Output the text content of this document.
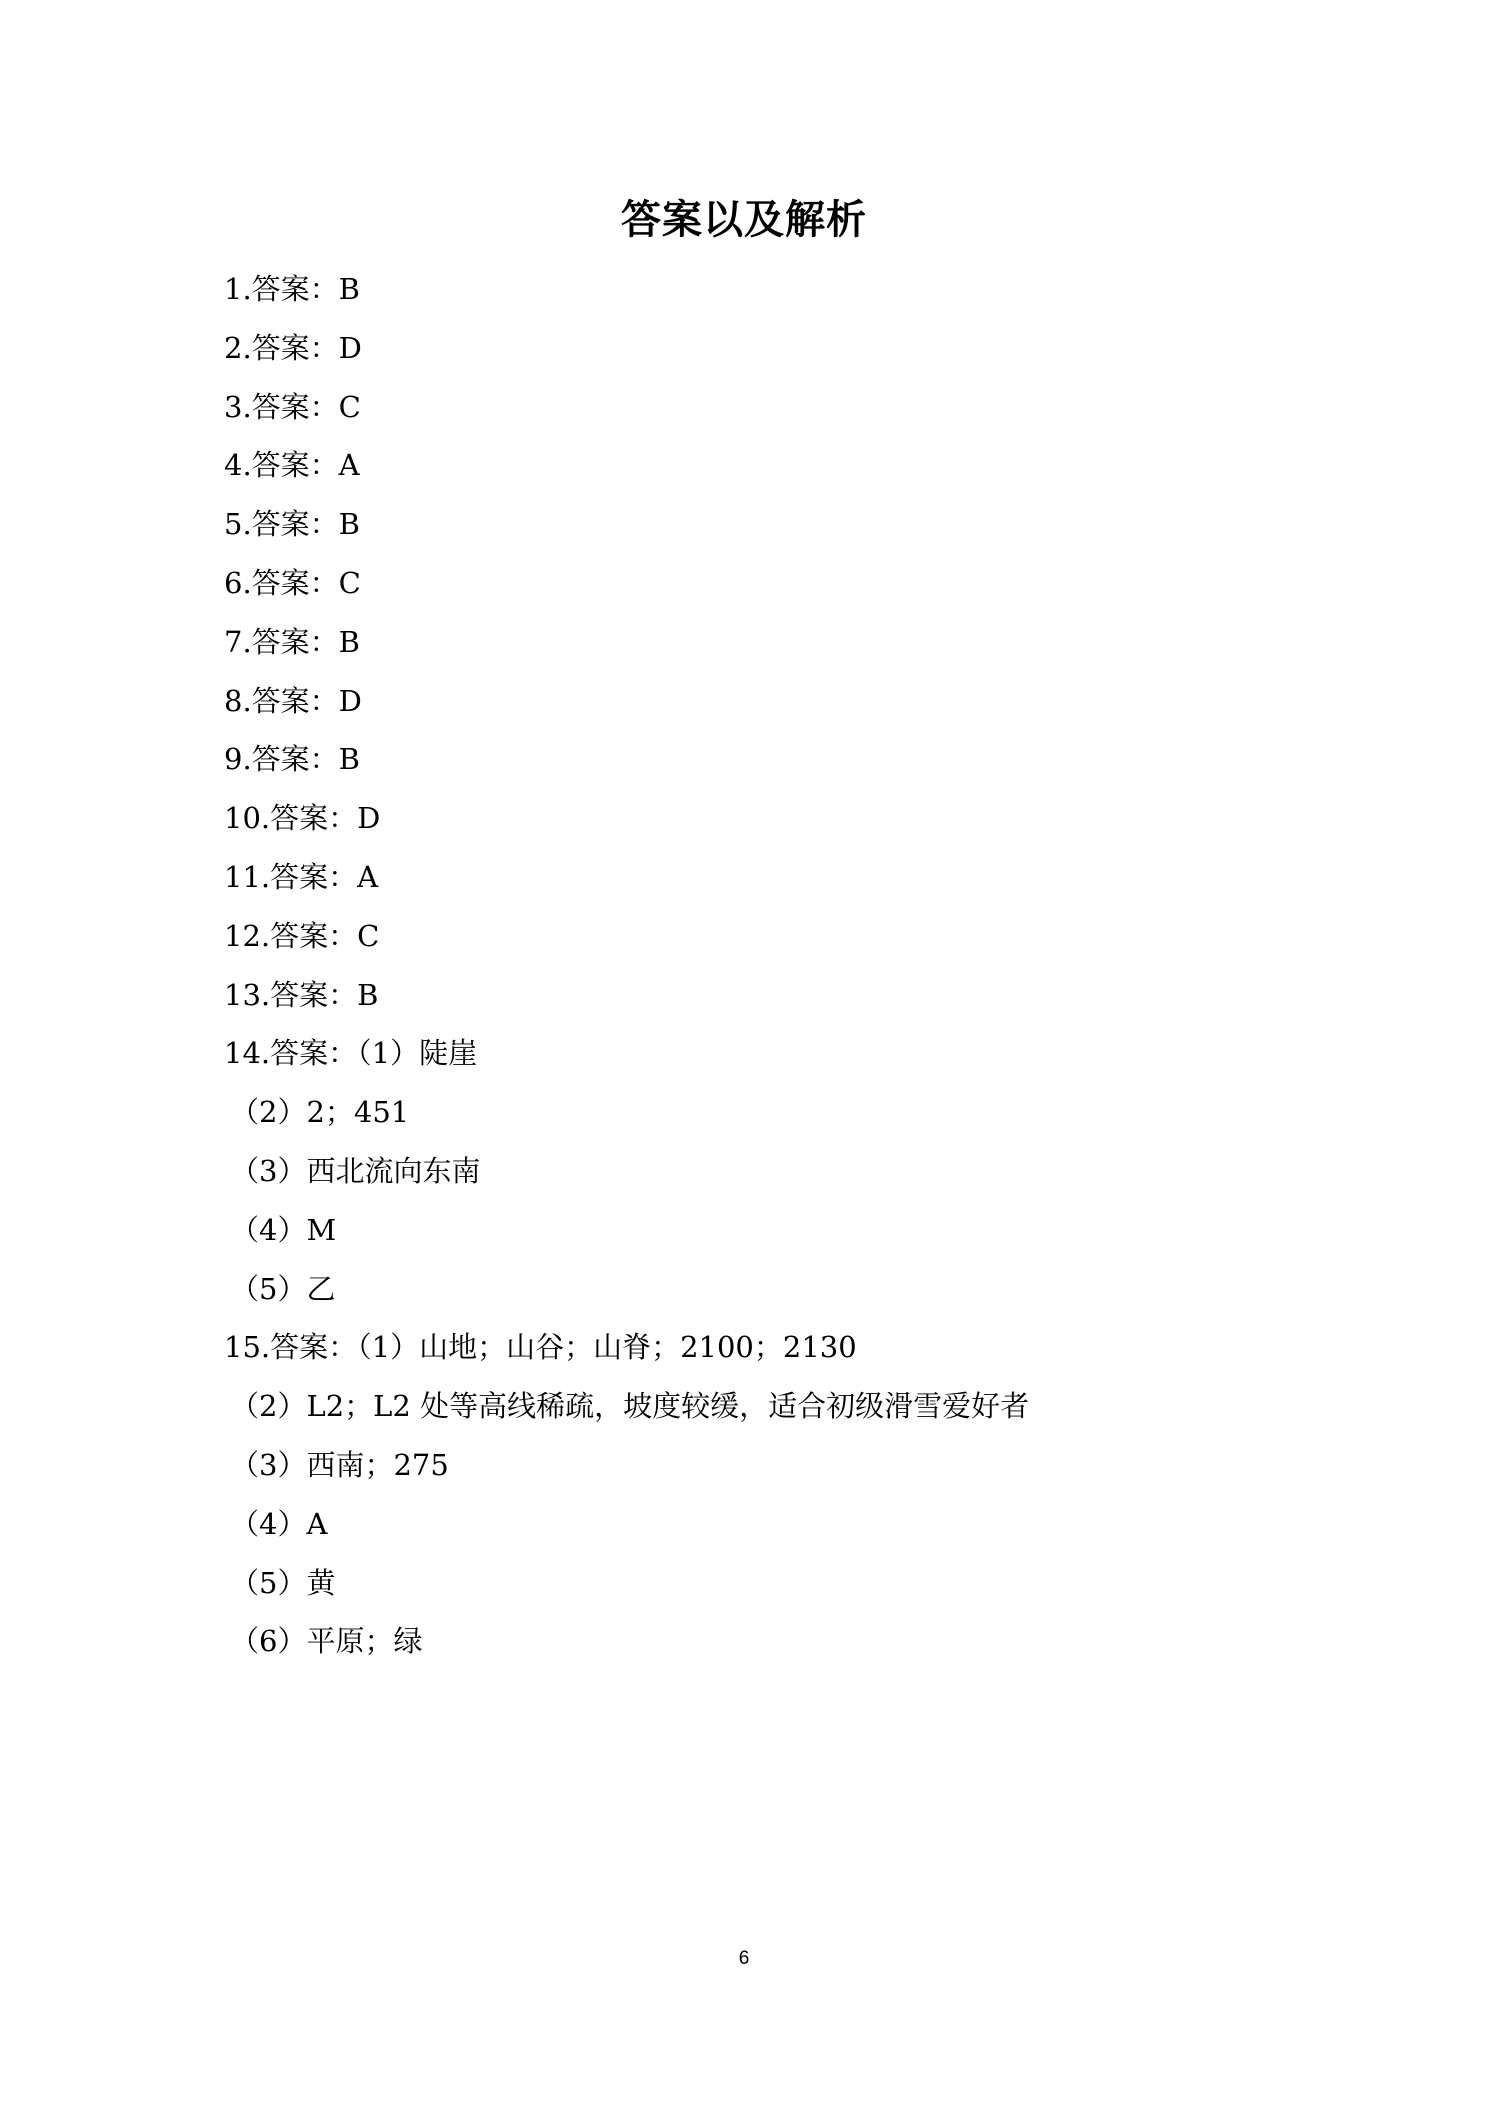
答案以及解析
1.答案：B
2.答案：D
3.答案：C
4.答案：A
5.答案：B
6.答案：C
7.答案：B
8.答案：D
9.答案：B
10.答案：D
11.答案：A
12.答案：C
13.答案：B
14.答案：（1）陡崖
（2）2；451
（3）西北流向东南
（4）M
（5）乙
15.答案：（1）山地；山谷；山脊；2100；2130
（2）L2；L2 处等高线稀疏，坡度较缓，适合初级滑雪爱好者
（3）西南；275
（4）A
（5）黄
（6）平原；绿
6
